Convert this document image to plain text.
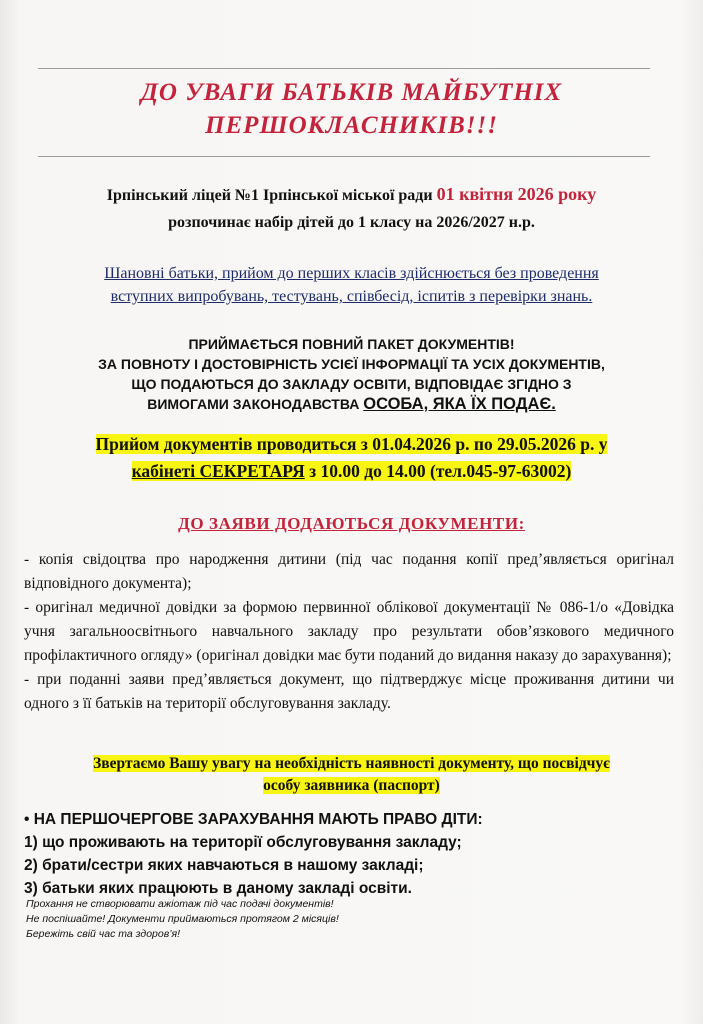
ДО УВАГИ БАТЬКІВ МАЙБУТНІХ
ПЕРШОКЛАСНИКІВ!!!
Ірпінський ліцей №1 Ірпінської міської ради 01 квітня 2026 року
розпочинає набір дітей до 1 класу на 2026/2027 н.р.
Шановні батьки, прийом до перших класів здійснюється без проведення
вступних випробувань, тестувань, співбесід, іспитів з перевірки знань.
ПРИЙМАЄТЬСЯ ПОВНИЙ ПАКЕТ ДОКУМЕНТІВ!
ЗА ПОВНОТУ І ДОСТОВІРНІСТЬ УСІЄЇ ІНФОРМАЦІЇ ТА УСІХ ДОКУМЕНТІВ,
ЩО ПОДАЮТЬСЯ ДО ЗАКЛАДУ ОСВІТИ, ВІДПОВІДАЄ ЗГІДНО З
ВИМОГАМИ ЗАКОНОДАВСТВА ОСОБА, ЯКА ЇХ ПОДАЄ.
Прийом документів проводиться з 01.04.2026 р. по 29.05.2026 р. у
кабінеті СЕКРЕТАРЯ з 10.00 до 14.00 (тел.045-97-63002)
ДО ЗАЯВИ ДОДАЮТЬСЯ ДОКУМЕНТИ:

- копія свідоцтва про народження дитини (під час подання копії пред’являється оригінал відповідного документа);

- оригінал медичної довідки за формою первинної облікової документації № 086-1/о «Довідка учня загальноосвітнього навчального закладу про результати обов’язкового медичного профілактичного огляду» (оригінал довідки має бути поданий до видання наказу до зарахування);

- при поданні заяви пред’являється документ, що підтверджує місце проживання дитини чи одного з її батьків на території обслуговування закладу.

Звертаємо Вашу увагу на необхідність наявності документу, що посвідчує
особу заявника (паспорт)

• НА ПЕРШОЧЕРГОВЕ ЗАРАХУВАННЯ МАЮТЬ ПРАВО ДІТИ:

1) що проживають на території обслуговування закладу;

2) брати/сестри яких навчаються в нашому закладі;

3) батьки яких працюють в даному закладі освіти.

Прохання не створювати ажіотаж під час подачі документів!

Не поспішайте! Документи приймаються протягом 2 місяців!

Бережіть свій час та здоров’я!
